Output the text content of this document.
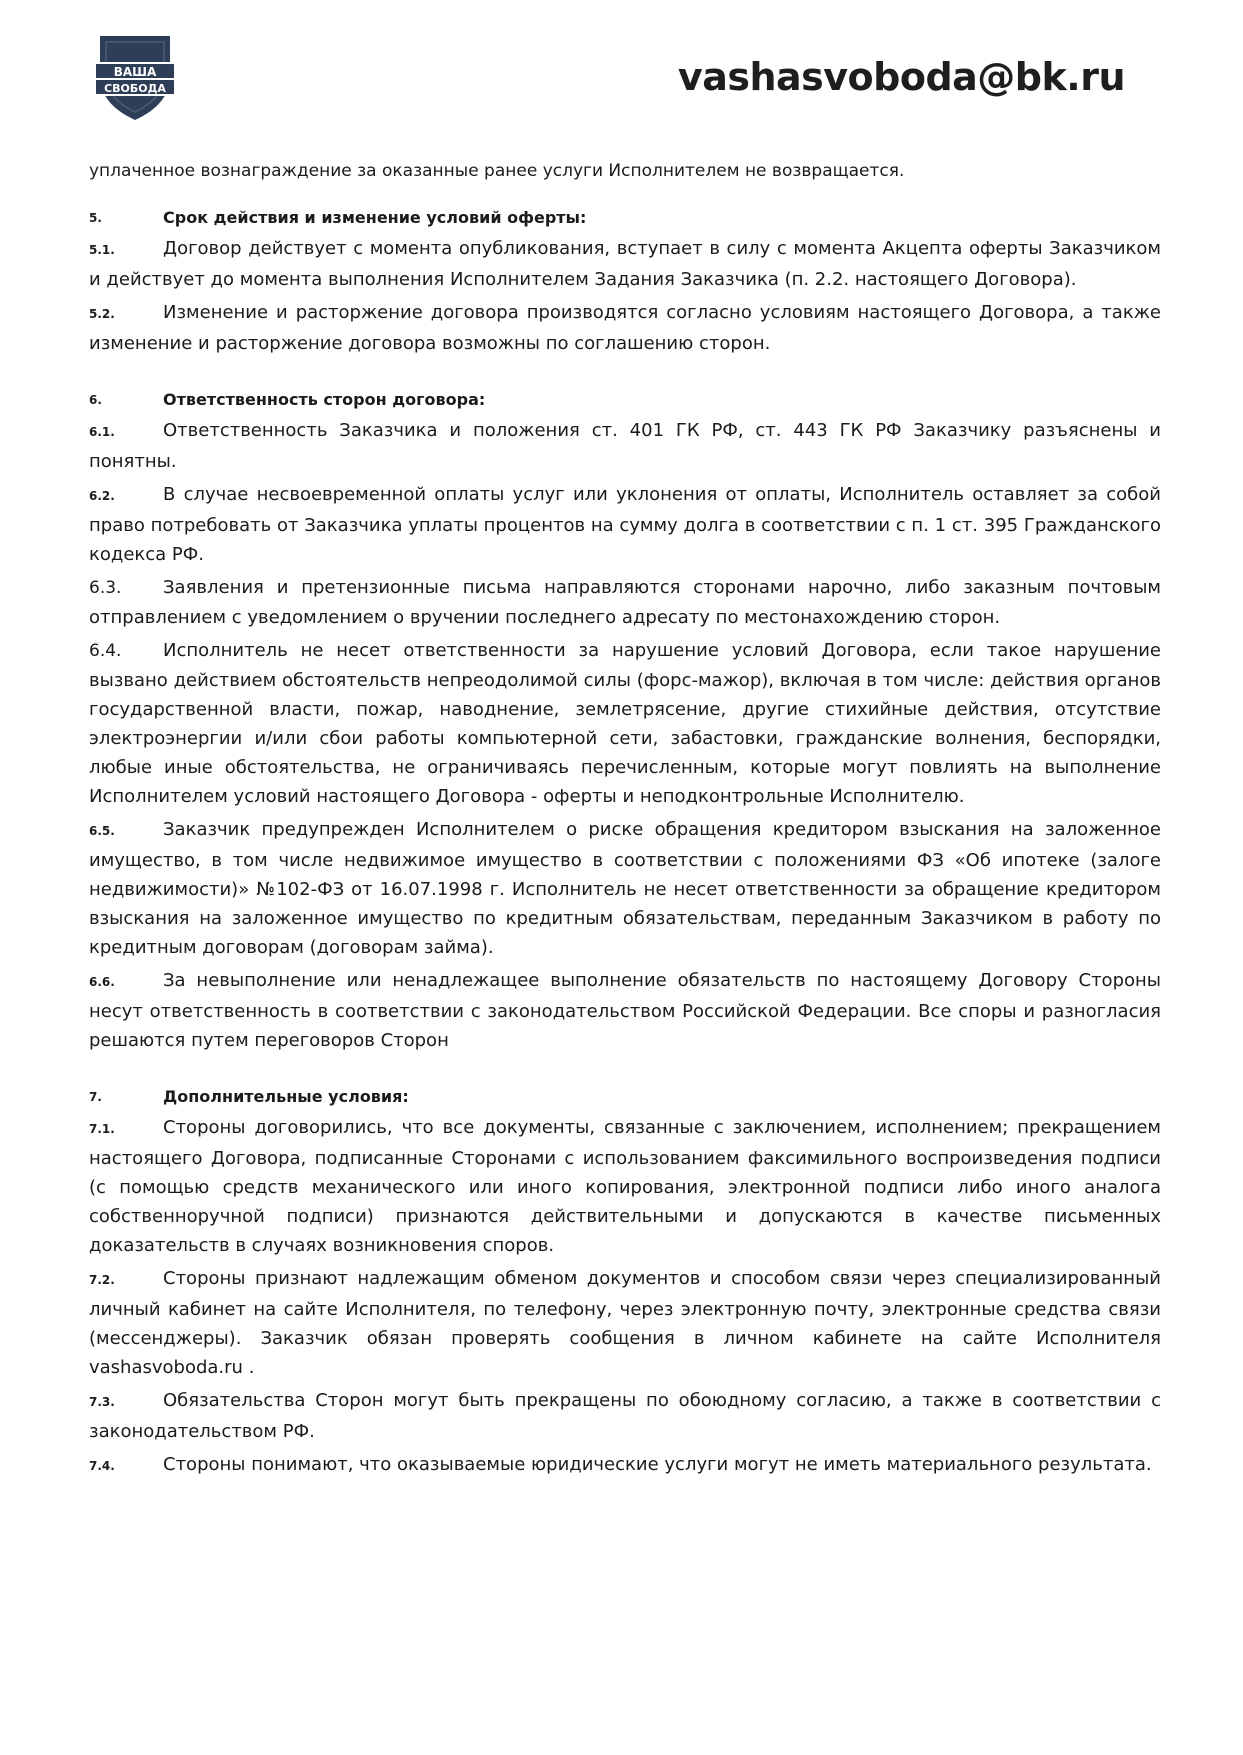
ВАША
СВОБОДА	vashasvoboda@bk.ru

уплаченное вознаграждение за оказанные ранее услуги Исполнителем не возвращается.

5.	Срок действия и изменение условий оферты:

5.1.	Договор действует с момента опубликования, вступает в силу с момента Акцепта оферты Заказчиком и действует до момента выполнения Исполнителем Задания Заказчика (п. 2.2. настоящего Договора).

5.2.	Изменение и расторжение договора производятся согласно условиям настоящего Договора, а также изменение и расторжение договора возможны по соглашению сторон.

6.	Ответственность сторон договора:

6.1.	Ответственность Заказчика и положения ст. 401 ГК РФ, ст. 443 ГК РФ Заказчику разъяснены и понятны.

6.2.	В случае несвоевременной оплаты услуг или уклонения от оплаты, Исполнитель оставляет за собой право потребовать от Заказчика уплаты процентов на сумму долга в соответствии с п. 1 ст. 395 Гражданского кодекса РФ.

6.3. Заявления и претензионные письма направляются сторонами нарочно, либо заказным почтовым отправлением с уведомлением о вручении последнего адресату по местонахождению сторон.

6.4. Исполнитель не несет ответственности за нарушение условий Договора, если такое нарушение вызвано действием обстоятельств непреодолимой силы (форс-мажор), включая в том числе: действия органов государственной власти, пожар, наводнение, землетрясение, другие стихийные действия, отсутствие электроэнергии и/или сбои работы компьютерной сети, забастовки, гражданские волнения, беспорядки, любые иные обстоятельства, не ограничиваясь перечисленным, которые могут повлиять на выполнение Исполнителем условий настоящего Договора - оферты и неподконтрольные Исполнителю.

6.5.	Заказчик предупрежден Исполнителем о риске обращения кредитором взыскания на заложенное имущество, в том числе недвижимое имущество в соответствии с положениями ФЗ «Об ипотеке (залоге недвижимости)» №102-ФЗ от 16.07.1998 г. Исполнитель не несет ответственности за обращение кредитором взыскания на заложенное имущество по кредитным обязательствам, переданным Заказчиком в работу по кредитным договорам (договорам займа).

6.6.	За невыполнение или ненадлежащее выполнение обязательств по настоящему Договору Стороны несут ответственность в соответствии с законодательством Российской Федерации. Все споры и разногласия решаются путем переговоров Сторон

7.	Дополнительные условия:

7.1.	Стороны договорились, что все документы, связанные с заключением, исполнением; прекращением настоящего Договора, подписанные Сторонами с использованием факсимильного воспроизведения подписи (с помощью средств механического или иного копирования, электронной подписи либо иного аналога собственноручной подписи) признаются действительными и допускаются в качестве письменных доказательств в случаях возникновения споров.

7.2.	Стороны признают надлежащим обменом документов и способом связи через специализированный личный кабинет на сайте Исполнителя, по телефону, через электронную почту, электронные средства связи (мессенджеры). Заказчик обязан проверять сообщения в личном кабинете на сайте Исполнителя vashasvoboda.ru .

7.3.	Обязательства Сторон могут быть прекращены по обоюдному согласию, а также в соответствии с законодательством РФ.

7.4.	Стороны понимают, что оказываемые юридические услуги могут не иметь материального результата.
